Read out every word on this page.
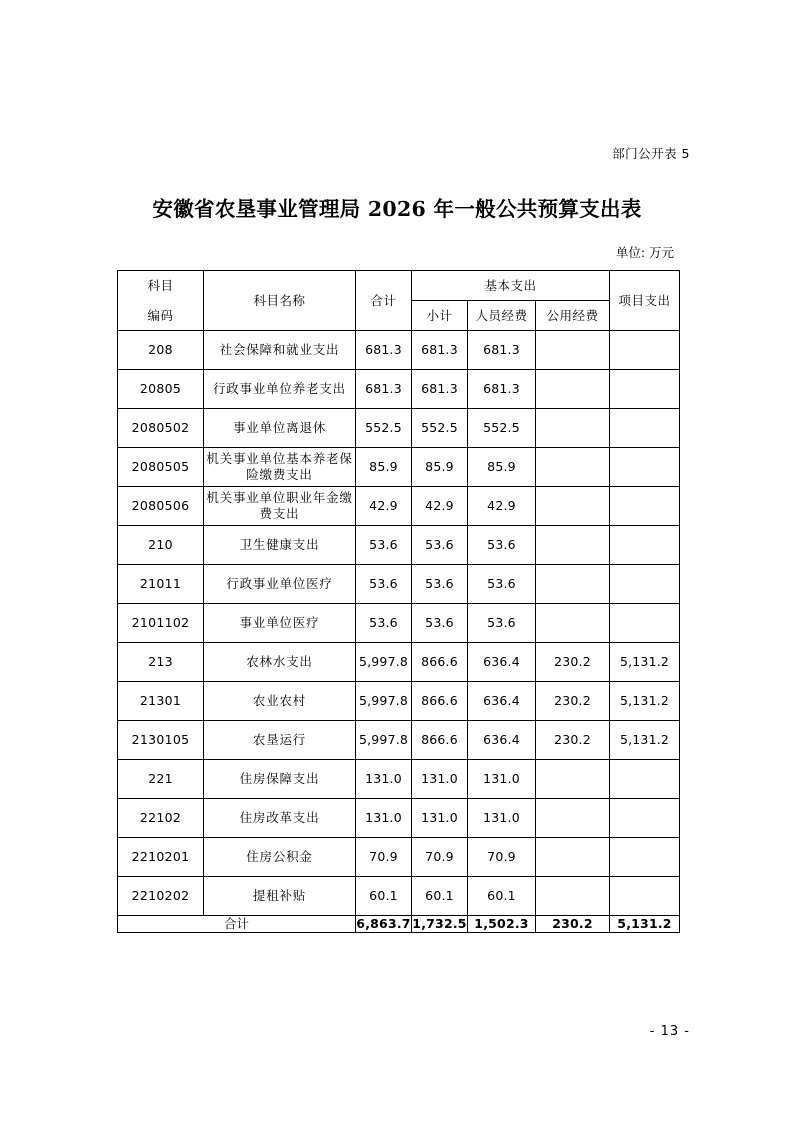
部门公开表 5
安徽省农垦事业管理局 2026 年一般公共预算支出表
单位: 万元
科目
编码	科目名称	合计	基本支出			项目支出
			小计	人员经费	公用经费	
208	社会保障和就业支出	681.3	681.3	681.3		
20805	行政事业单位养老支出	681.3	681.3	681.3		
2080502	事业单位离退休	552.5	552.5	552.5		
2080505	机关事业单位基本养老保险缴费支出	85.9	85.9	85.9		
2080506	机关事业单位职业年金缴费支出	42.9	42.9	42.9		
210	卫生健康支出	53.6	53.6	53.6		
21011	行政事业单位医疗	53.6	53.6	53.6		
2101102	事业单位医疗	53.6	53.6	53.6		
213	农林水支出	5,997.8	866.6	636.4	230.2	5,131.2
21301	农业农村	5,997.8	866.6	636.4	230.2	5,131.2
2130105	农垦运行	5,997.8	866.6	636.4	230.2	5,131.2
221	住房保障支出	131.0	131.0	131.0		
22102	住房改革支出	131.0	131.0	131.0		
2210201	住房公积金	70.9	70.9	70.9		
2210202	提租补贴	60.1	60.1	60.1		
合计		6,863.7	1,732.5	1,502.3	230.2	5,131.2
- 13 -
